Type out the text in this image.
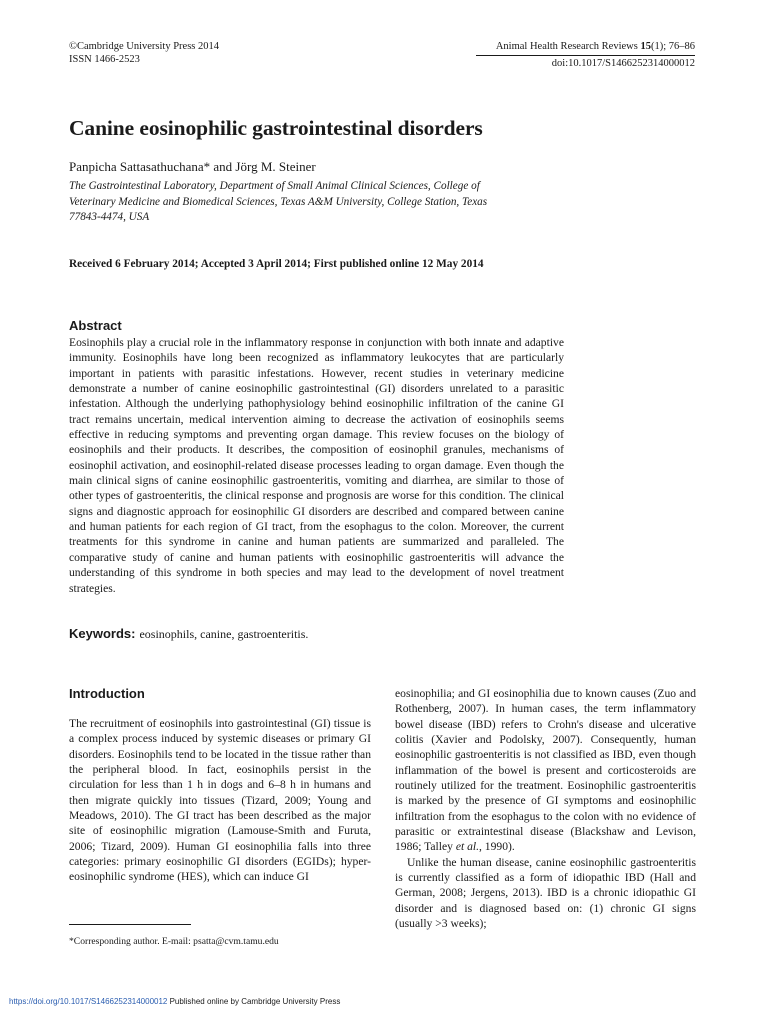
©Cambridge University Press 2014
ISSN 1466-2523
Animal Health Research Reviews 15(1); 76–86
doi:10.1017/S1466252314000012
Canine eosinophilic gastrointestinal disorders
Panpicha Sattasathuchana* and Jörg M. Steiner
The Gastrointestinal Laboratory, Department of Small Animal Clinical Sciences, College of
Veterinary Medicine and Biomedical Sciences, Texas A&M University, College Station, Texas
77843-4474, USA
Received 6 February 2014; Accepted 3 April 2014; First published online 12 May 2014
Abstract
Eosinophils play a crucial role in the inflammatory response in conjunction with both innate and adaptive immunity. Eosinophils have long been recognized as inflammatory leukocytes that are particularly important in patients with parasitic infestations. However, recent studies in veterinary medicine demonstrate a number of canine eosinophilic gastrointestinal (GI) disorders unrelated to a parasitic infestation. Although the underlying pathophysiology behind eosinophilic infiltration of the canine GI tract remains uncertain, medical intervention aiming to decrease the activation of eosinophils seems effective in reducing symptoms and preventing organ damage. This review focuses on the biology of eosinophils and their products. It describes, the composition of eosinophil granules, mechanisms of eosinophil activation, and eosinophil-related disease processes leading to organ damage. Even though the main clinical signs of canine eosinophilic gastroenteritis, vomiting and diarrhea, are similar to those of other types of gastroenteritis, the clinical response and prognosis are worse for this condition. The clinical signs and diagnostic approach for eosinophilic GI disorders are described and compared between canine and human patients for each region of GI tract, from the esophagus to the colon. Moreover, the current treatments for this syndrome in canine and human patients are summarized and paralleled. The comparative study of canine and human patients with eosinophilic gastroenteritis will advance the understanding of this syndrome in both species and may lead to the development of novel treatment strategies.
Keywords: eosinophils, canine, gastroenteritis.
Introduction

The recruitment of eosinophils into gastrointestinal (GI) tissue is a complex process induced by systemic diseases or primary GI disorders. Eosinophils tend to be located in the tissue rather than the peripheral blood. In fact, eosinophils persist in the circulation for less than 1 h in dogs and 6–8 h in humans and then migrate quickly into tissues (Tizard, 2009; Young and Meadows, 2010). The GI tract has been described as the major site of eosinophilic migration (Lamouse-Smith and Furuta, 2006; Tizard, 2009). Human GI eosinophilia falls into three categories: primary eosinophilic GI disorders (EGIDs); hyper-eosinophilic syndrome (HES), which can induce GI

eosinophilia; and GI eosinophilia due to known causes (Zuo and Rothenberg, 2007). In human cases, the term inflammatory bowel disease (IBD) refers to Crohn's disease and ulcerative colitis (Xavier and Podolsky, 2007). Consequently, human eosinophilic gastroenteritis is not classified as IBD, even though inflammation of the bowel is present and corticosteroids are routinely utilized for the treatment. Eosinophilic gastroenteritis is marked by the presence of GI symptoms and eosinophilic infiltration from the esophagus to the colon with no evidence of parasitic or extraintestinal disease (Blackshaw and Levison, 1986; Talley et al., 1990).

Unlike the human disease, canine eosinophilic gastroenteritis is currently classified as a form of idiopathic IBD (Hall and German, 2008; Jergens, 2013). IBD is a chronic idiopathic GI disorder and is diagnosed based on: (1) chronic GI signs (usually >3 weeks);

*Corresponding author. E-mail: psatta@cvm.tamu.edu
https://doi.org/10.1017/S1466252314000012 Published online by Cambridge University Press
